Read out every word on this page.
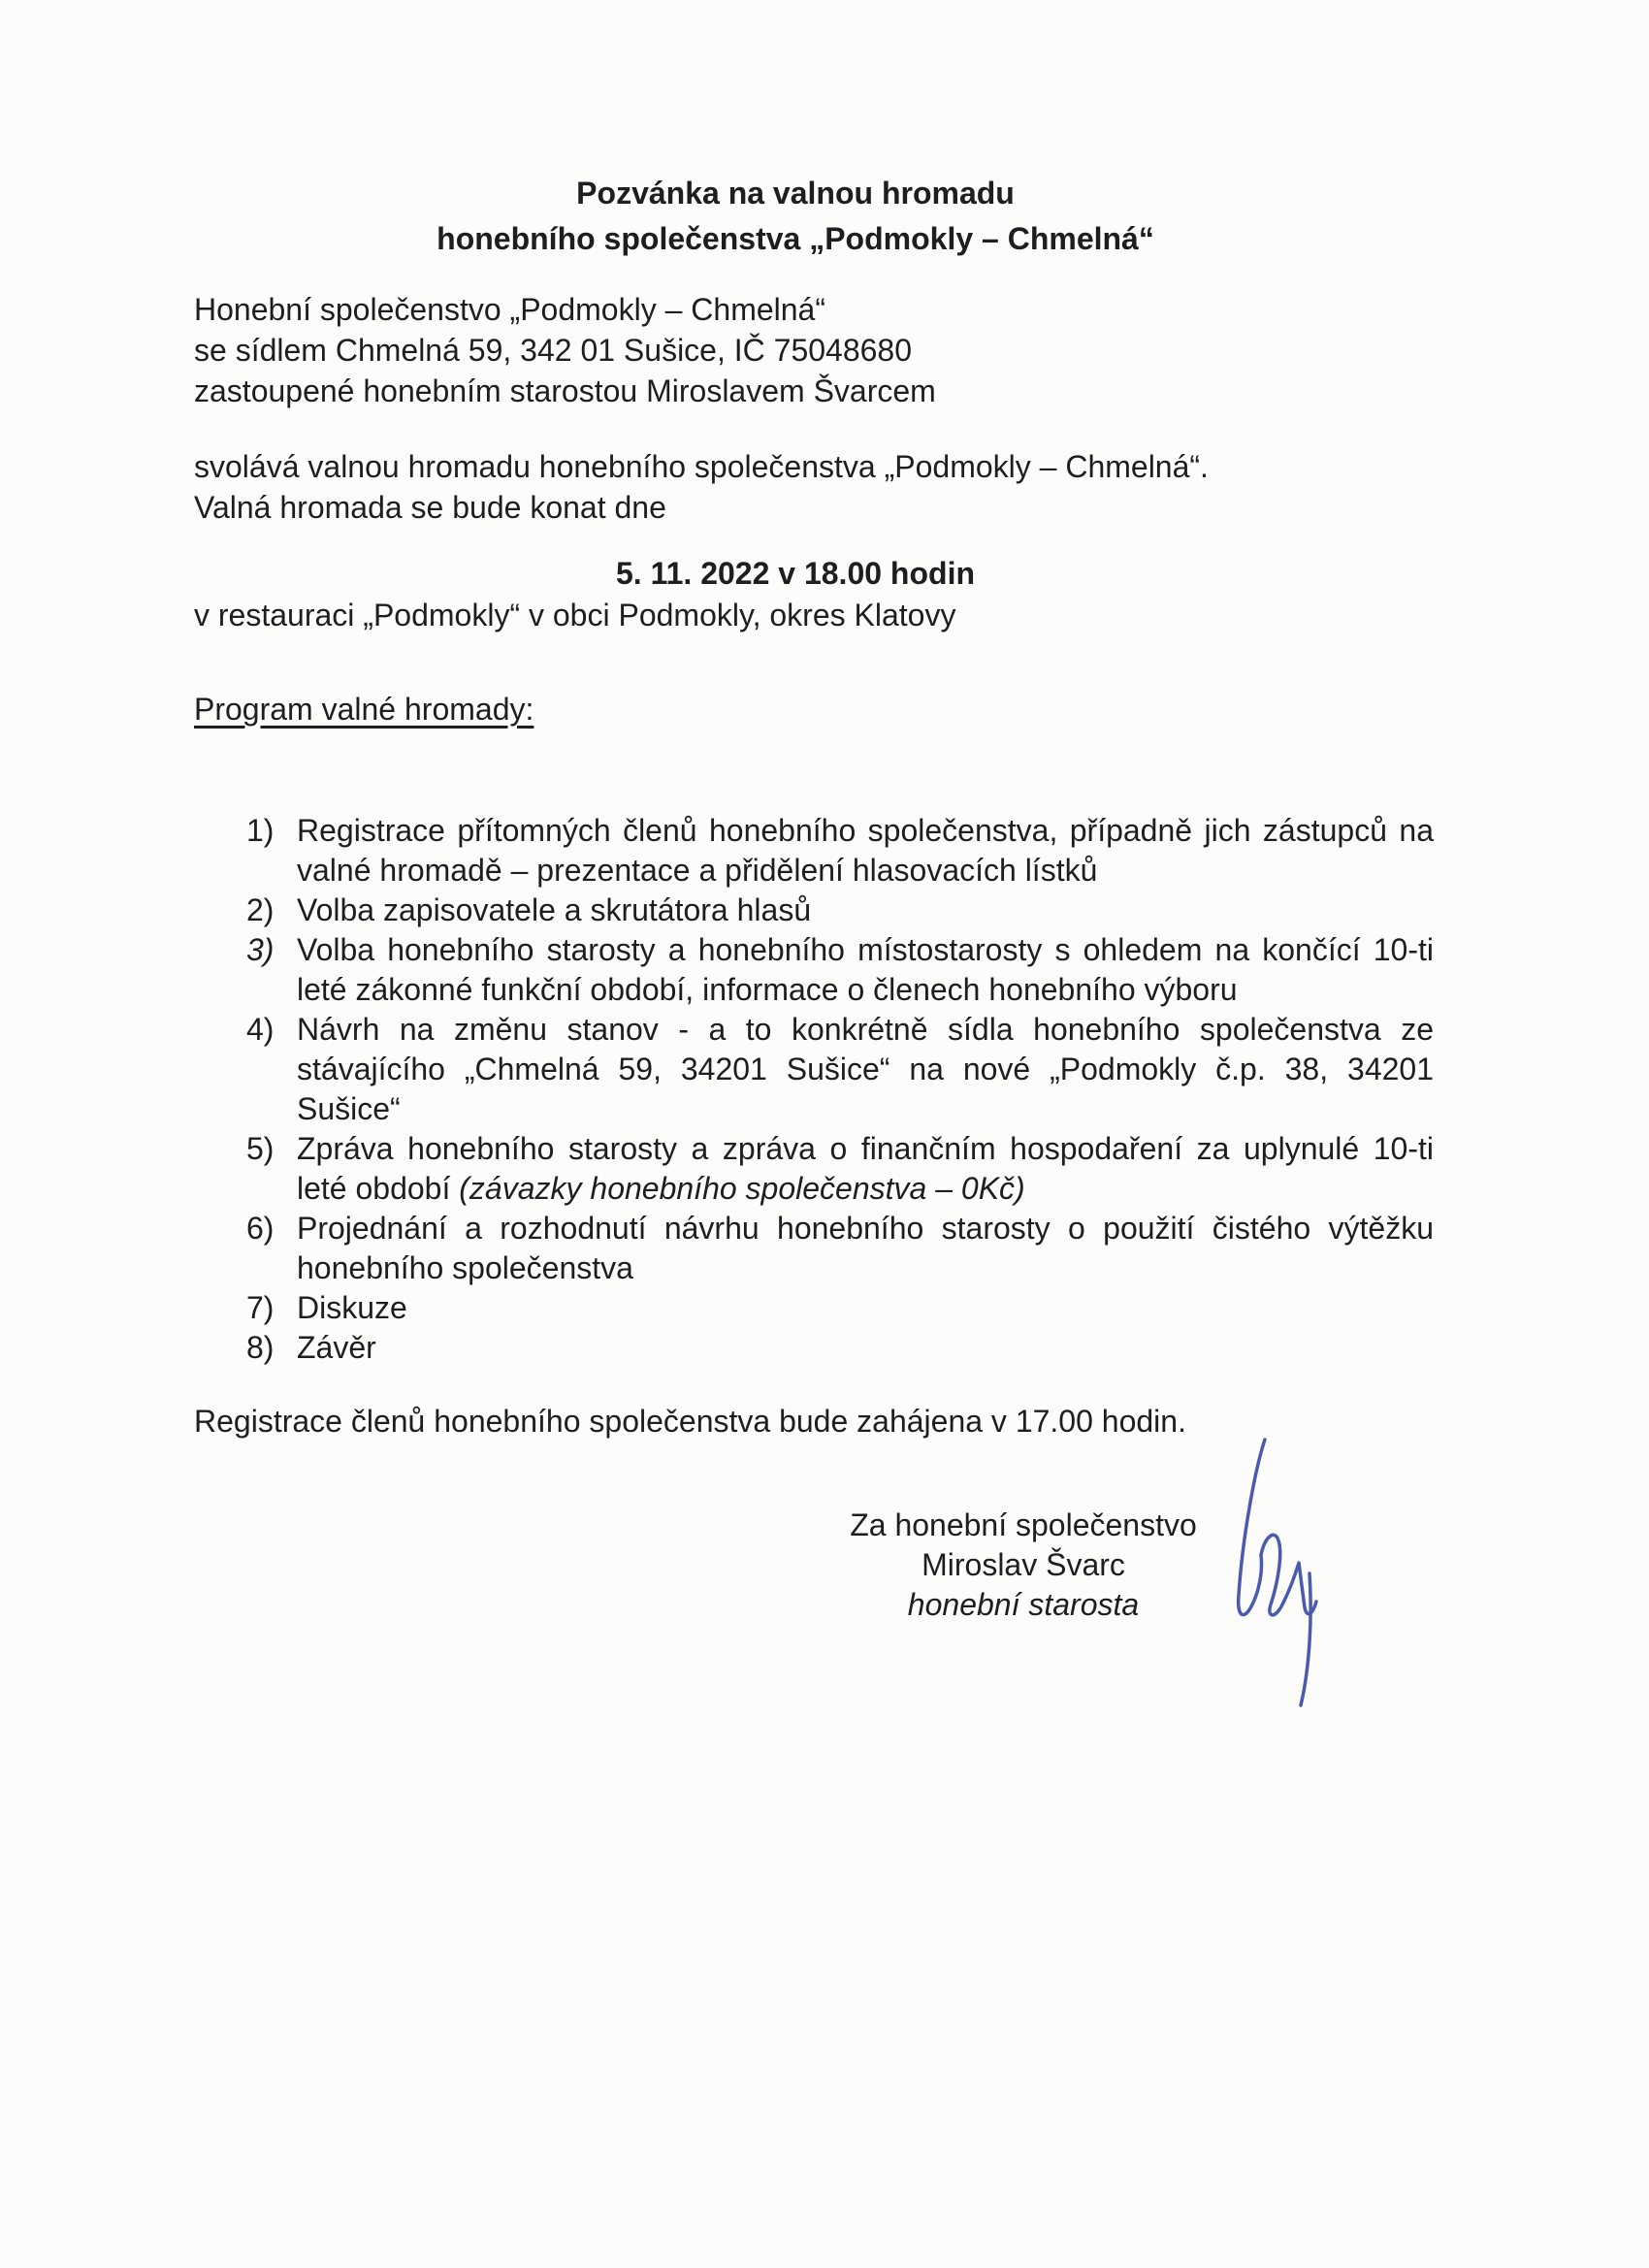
Pozvánka na valnou hromadu
honebního společenstva „Podmokly – Chmelná“
Honební společenstvo „Podmokly – Chmelná“
se sídlem Chmelná 59, 342 01 Sušice, IČ 75048680
zastoupené honebním starostou Miroslavem Švarcem
svolává valnou hromadu honebního společenstva „Podmokly – Chmelná“.
Valná hromada se bude konat dne
5. 11. 2022 v 18.00 hodin
v restauraci „Podmokly“ v obci Podmokly, okres Klatovy
Program valné hromady:
1) Registrace přítomných členů honebního společenstva, případně jich zástupců na valné hromadě – prezentace a přidělení hlasovacích lístků
2) Volba zapisovatele a skrutátora hlasů
3) Volba honebního starosty a honebního místostarosty s ohledem na končící 10-ti leté zákonné funkční období, informace o členech honebního výboru
4) Návrh na změnu stanov - a to konkrétně sídla honebního společenstva ze stávajícího „Chmelná 59, 34201 Sušice“ na nové „Podmokly č.p. 38, 34201 Sušice“
5) Zpráva honebního starosty a zpráva o finančním hospodaření za uplynulé 10-ti leté období (závazky honebního společenstva – 0Kč)
6) Projednání a rozhodnutí návrhu honebního starosty o použití čistého výtěžku honebního společenstva
7) Diskuze
8) Závěr
Registrace členů honebního společenstva bude zahájena v 17.00 hodin.
Za honební společenstvo
Miroslav Švarc
honební starosta
